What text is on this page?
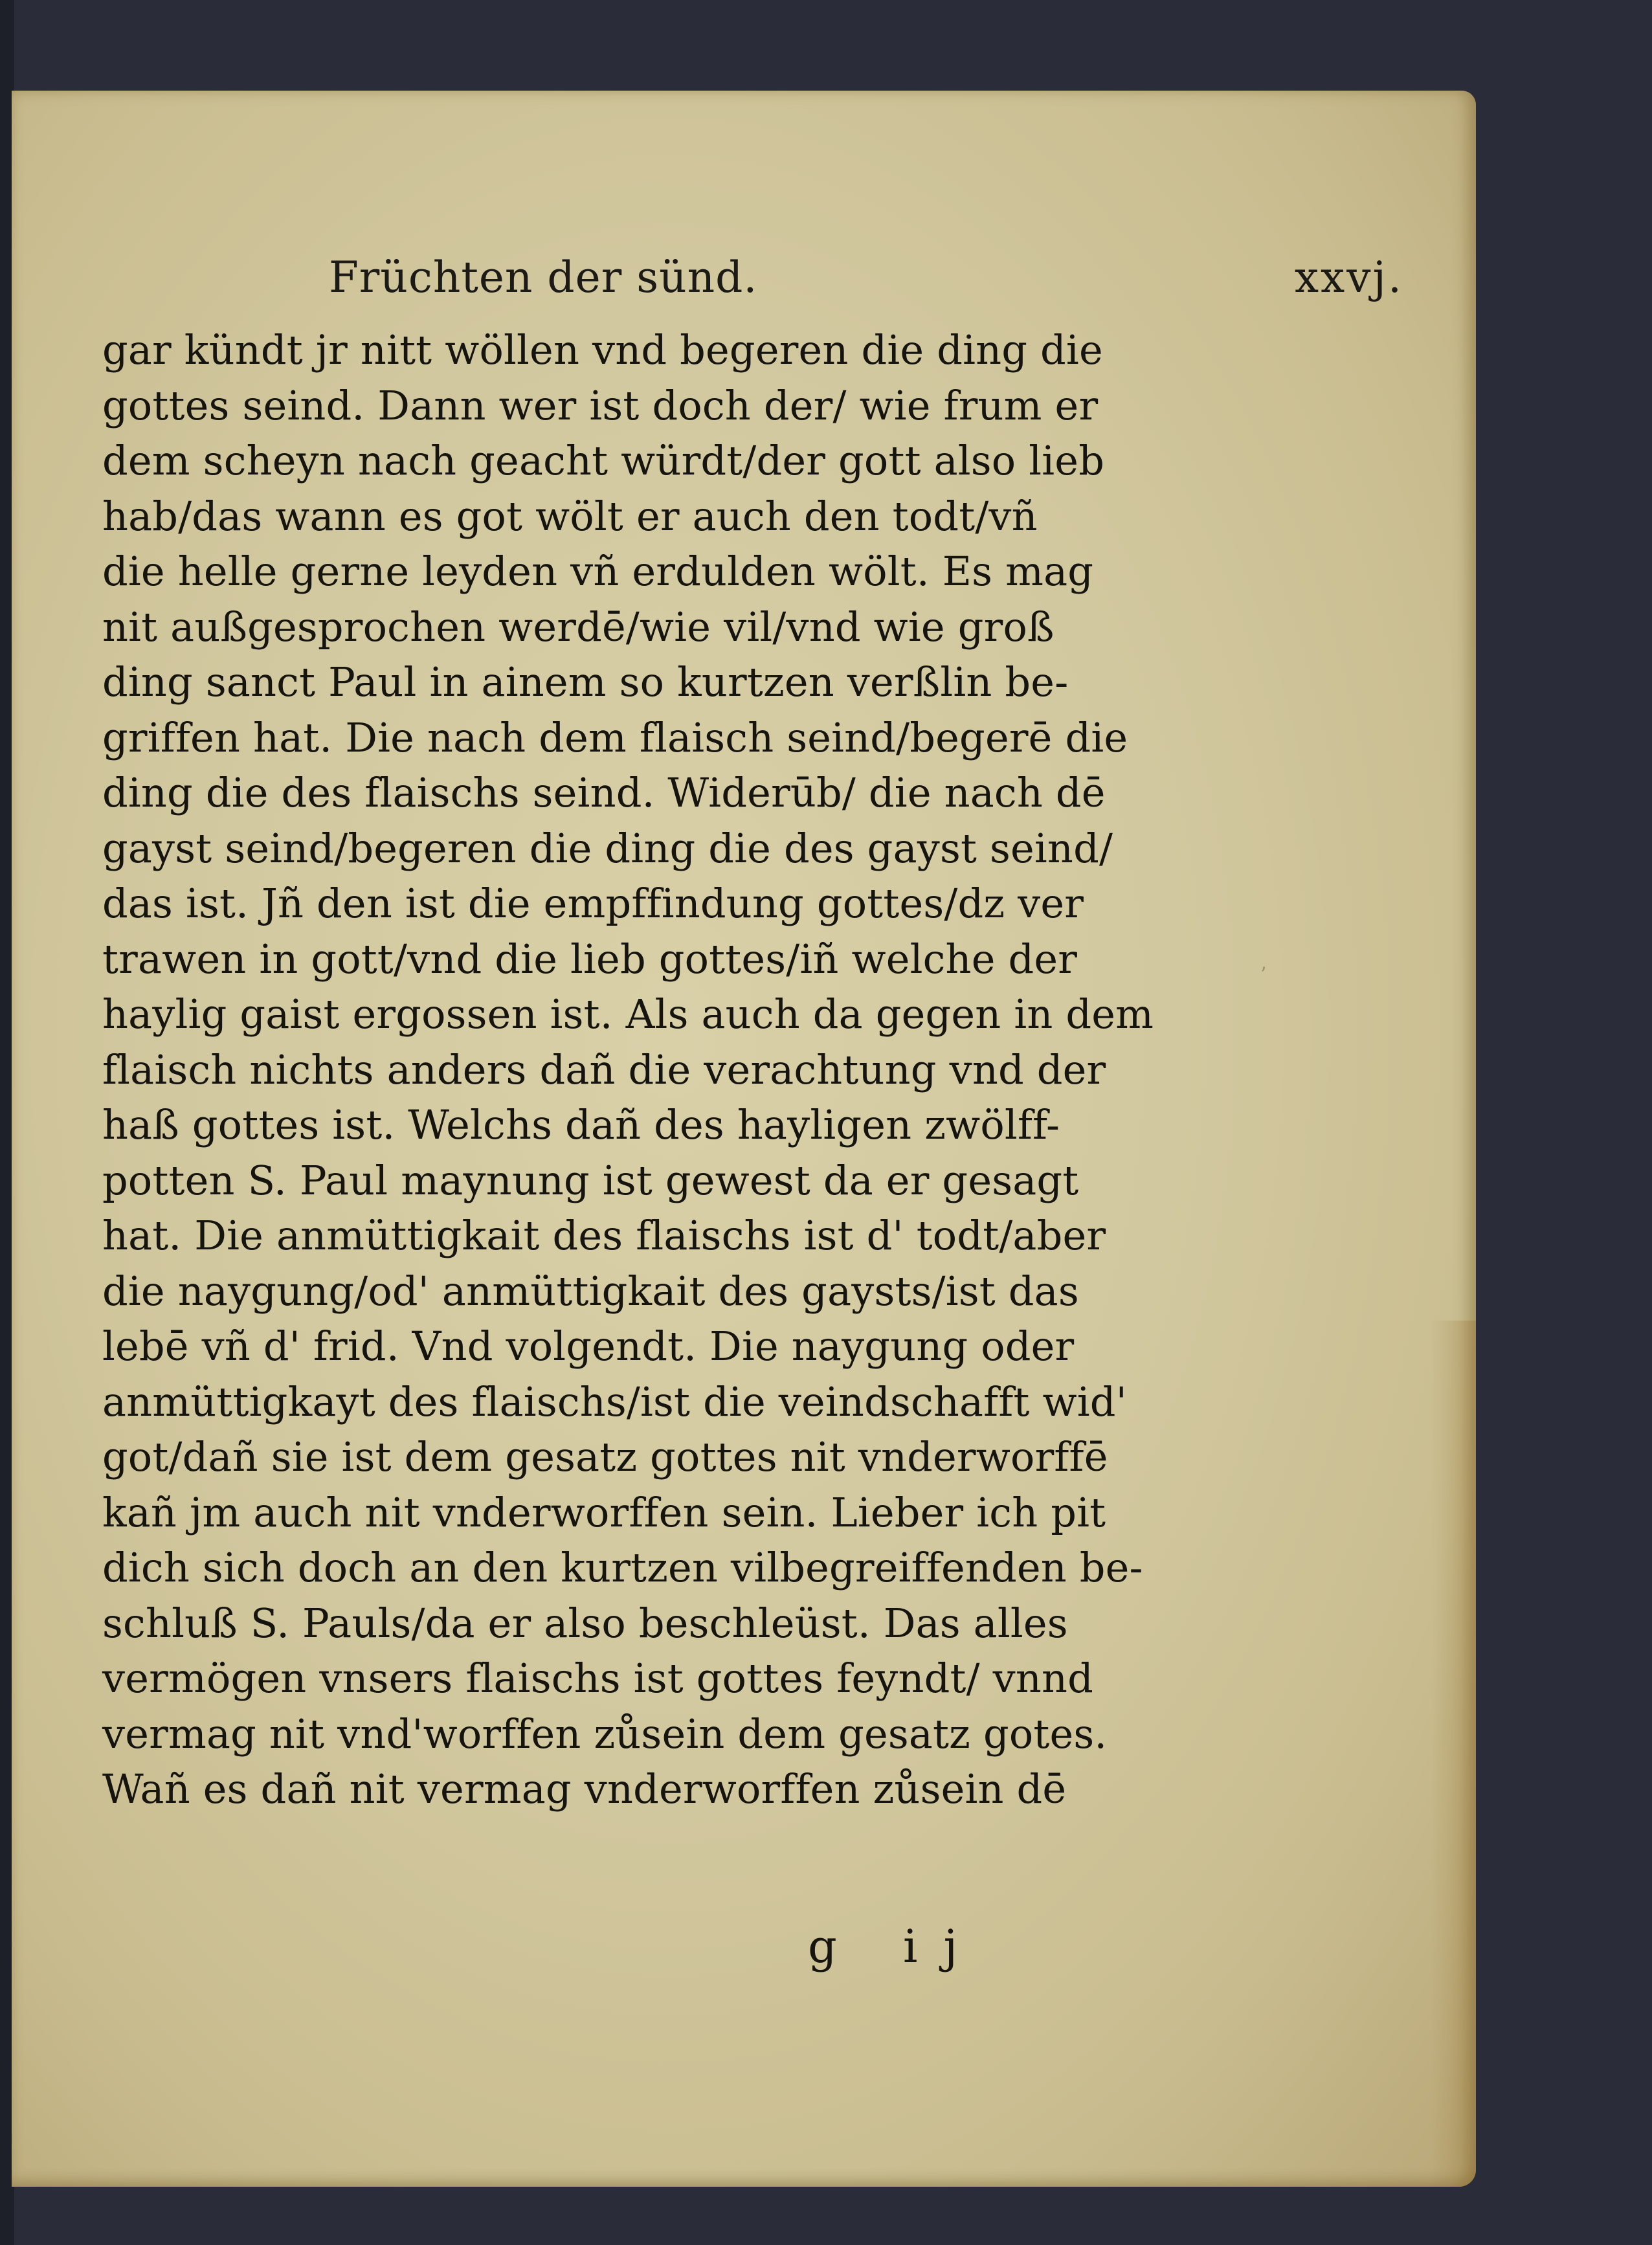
Früchten der sünd.	xxvj.
gar kündt jr nitt wöllen vnd begeren die ding die
gottes seind. Dann wer ist doch der/ wie frum er
dem scheyn nach geacht würdt/der gott also lieb
hab/das wann es got wölt er auch den todt/vñ
die helle gerne leyden vñ erdulden wölt. Es mag
nit außgesprochen werdē/wie vil/vnd wie groß
ding sanct Paul in ainem so kurtzen verßlin be-
griffen hat. Die nach dem flaisch seind/begerē die
ding die des flaischs seind. Widerūb/ die nach dē
gayst seind/begeren die ding die des gayst seind/
das ist. Jñ den ist die empffindung gottes/dz ver
trawen in gott/vnd die lieb gottes/iñ welche der
haylig gaist ergossen ist. Als auch da gegen in dem
flaisch nichts anders dañ die verachtung vnd der
haß gottes ist. Welchs dañ des hayligen zwölff-
potten S. Paul maynung ist gewest da er gesagt
hat. Die anmüttigkait des flaischs ist d' todt/aber
die naygung/od' anmüttigkait des gaysts/ist das
lebē vñ d' frid. Vnd volgendt. Die naygung oder
anmüttigkayt des flaischs/ist die veindschafft wid'
got/dañ sie ist dem gesatz gottes nit vnderworffē
kañ jm auch nit vnderworffen sein. Lieber ich pit
dich sich doch an den kurtzen vilbegreiffenden be-
schluß S. Pauls/da er also beschleüst. Das alles
vermögen vnsers flaischs ist gottes feyndt/ vnnd
vermag nit vnd'worffen zůsein dem gesatz gotes.
Wañ es dañ nit vermag vnderworffen zůsein dē
g ij
ʼ
